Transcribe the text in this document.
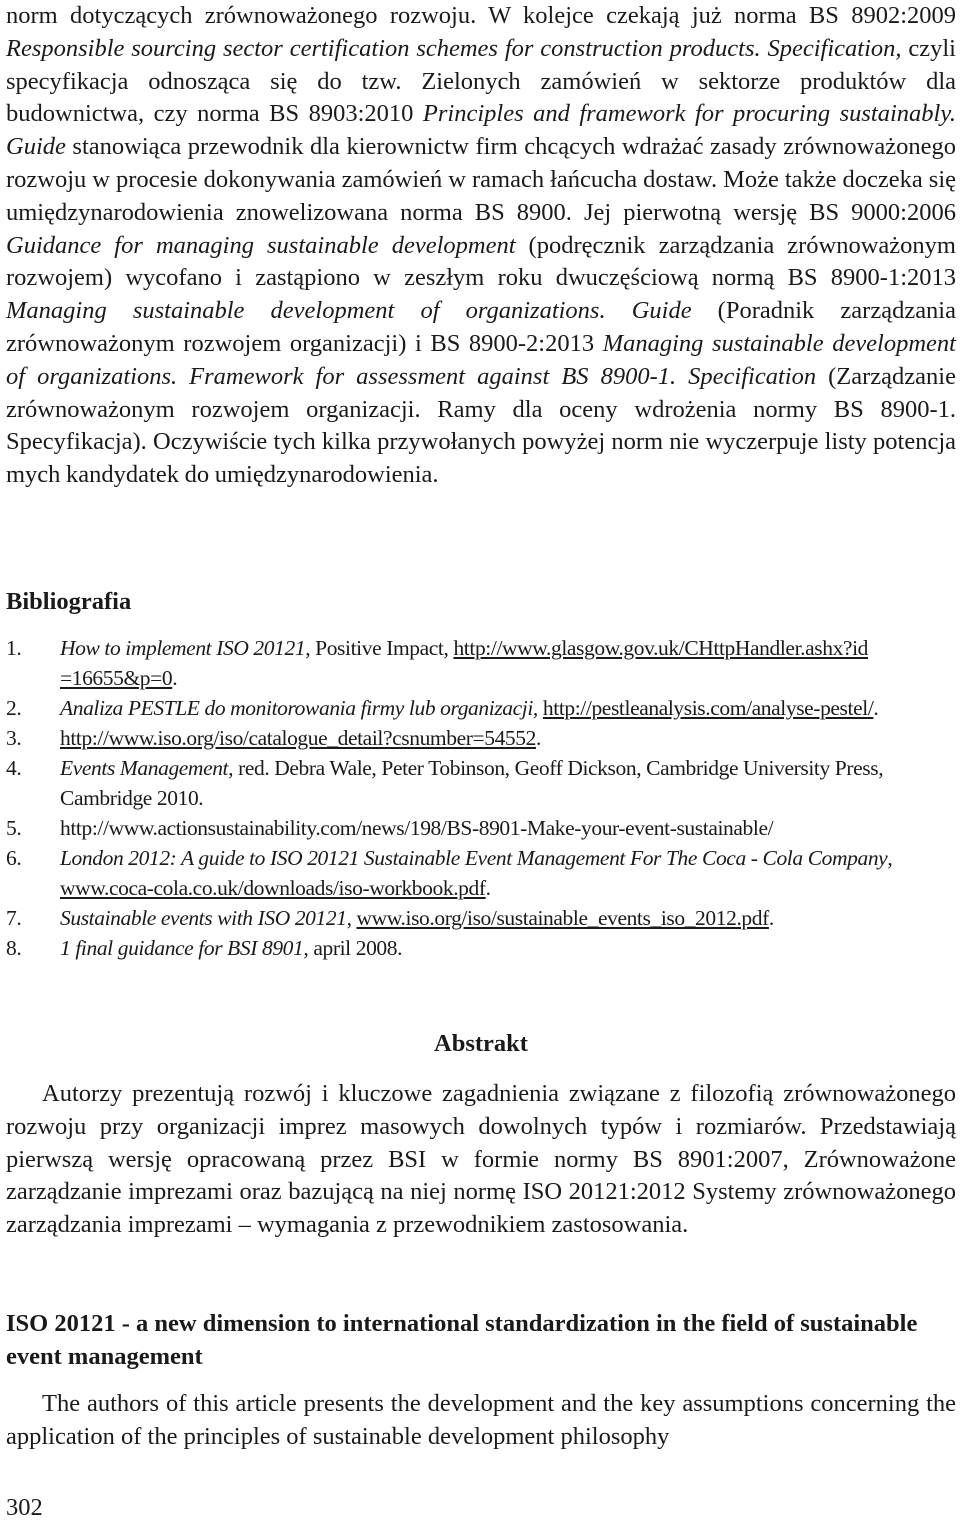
norm dotyczących zrównoważonego rozwoju. W kolejce czekają już norma BS 8902:2009 Responsible sourcing sector certification schemes for construction products. Specification, czyli specyfikacja odnosząca się do tzw. Zielonych zamówień w sektorze produktów dla budownictwa, czy norma BS 8903:2010 Principles and framework for procuring sustainably. Guide stanowiąca przewodnik dla kierownictw firm chcących wdrażać zasady zrównoważonego rozwoju w procesie dokonywania zamówień w ramach łańcucha dostaw. Może także doczeka się umiędzynarodowienia znowelizowana norma BS 8900. Jej pierwotną wersję BS 9000:2006 Guidance for managing sustainable development (podręcznik zarządzania zrównoważonym rozwojem) wycofano i zastąpiono w zeszłym roku dwuczęściową normą BS 8900-1:2013 Managing sustainable development of organizations. Guide (Poradnik zarządzania zrównoważonym rozwojem organizacji) i BS 8900-2:2013 Managing sustainable development of organizations. Framework for assessment against BS 8900-1. Specification (Zarządzanie zrównoważonym rozwojem organizacji. Ramy dla oceny wdrożenia normy BS 8900-1. Specyfikacja). Oczywiście tych kilka przywołanych powyżej norm nie wyczerpuje listy potencja mych kandydatek do umiędzynarodowienia.

Bibliografia
1. How to implement ISO 20121, Positive Impact, http://www.glasgow.gov.uk/CHttpHandler.ashx?id =16655&p=0.
2. Analiza PESTLE do monitorowania firmy lub organizacji, http://pestleanalysis.com/analyse-pestel/.
3. http://www.iso.org/iso/catalogue_detail?csnumber=54552.
4. Events Management, red. Debra Wale, Peter Tobinson, Geoff Dickson, Cambridge University Press, Cambridge 2010.
5. http://www.actionsustainability.com/news/198/BS-8901-Make-your-event-sustainable/
6. London 2012: A guide to ISO 20121 Sustainable Event Management For The Coca - Cola Company, www.coca-cola.co.uk/downloads/iso-workbook.pdf.
7. Sustainable events with ISO 20121, www.iso.org/iso/sustainable_events_iso_2012.pdf.
8. 1 final guidance for BSI 8901, april 2008.
Abstrakt

Autorzy prezentują rozwój i kluczowe zagadnienia związane z filozofią zrównoważonego rozwoju przy organizacji imprez masowych dowolnych typów i rozmiarów. Przedstawiają pierwszą wersję opracowaną przez BSI w formie normy BS 8901:2007, Zrównoważone zarządzanie imprezami oraz bazującą na niej normę ISO 20121:2012 Systemy zrównoważonego zarządzania imprezami – wymagania z przewodnikiem zastosowania.

ISO 20121 - a new dimension to international standardization in the field of sustainable event management

The authors of this article presents the development and the key assumptions concerning the application of the principles of sustainable development philosophy

302
